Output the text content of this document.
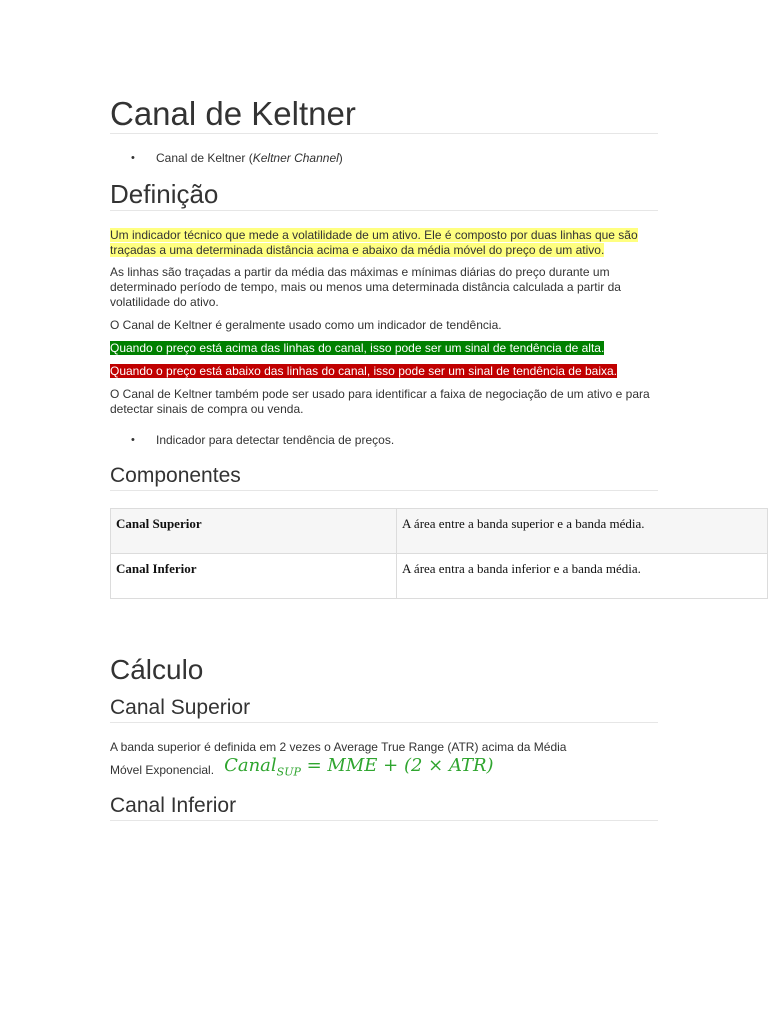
Canal de Keltner
• Canal de Keltner (Keltner Channel)
Definição

Um indicador técnico que mede a volatilidade de um ativo. Ele é composto por duas linhas que são traçadas a uma determinada distância acima e abaixo da média móvel do preço de um ativo.

As linhas são traçadas a partir da média das máximas e mínimas diárias do preço durante um determinado período de tempo, mais ou menos uma determinada distância calculada a partir da volatilidade do ativo.

O Canal de Keltner é geralmente usado como um indicador de tendência.

Quando o preço está acima das linhas do canal, isso pode ser um sinal de tendência de alta.

Quando o preço está abaixo das linhas do canal, isso pode ser um sinal de tendência de baixa.

O Canal de Keltner também pode ser usado para identificar a faixa de negociação de um ativo e para detectar sinais de compra ou venda.

• Indicador para detectar tendência de preços.
Componentes
Canal Superior	A área entre a banda superior e a banda média.
Canal Inferior	A área entra a banda inferior e a banda média.
Cálculo
Canal Superior

A banda superior é definida em 2 vezes o Average True Range (ATR) acima da Média

Móvel Exponencial. Canal$_{SUP}$ = MME + (2 × ATR)

Canal Inferior
